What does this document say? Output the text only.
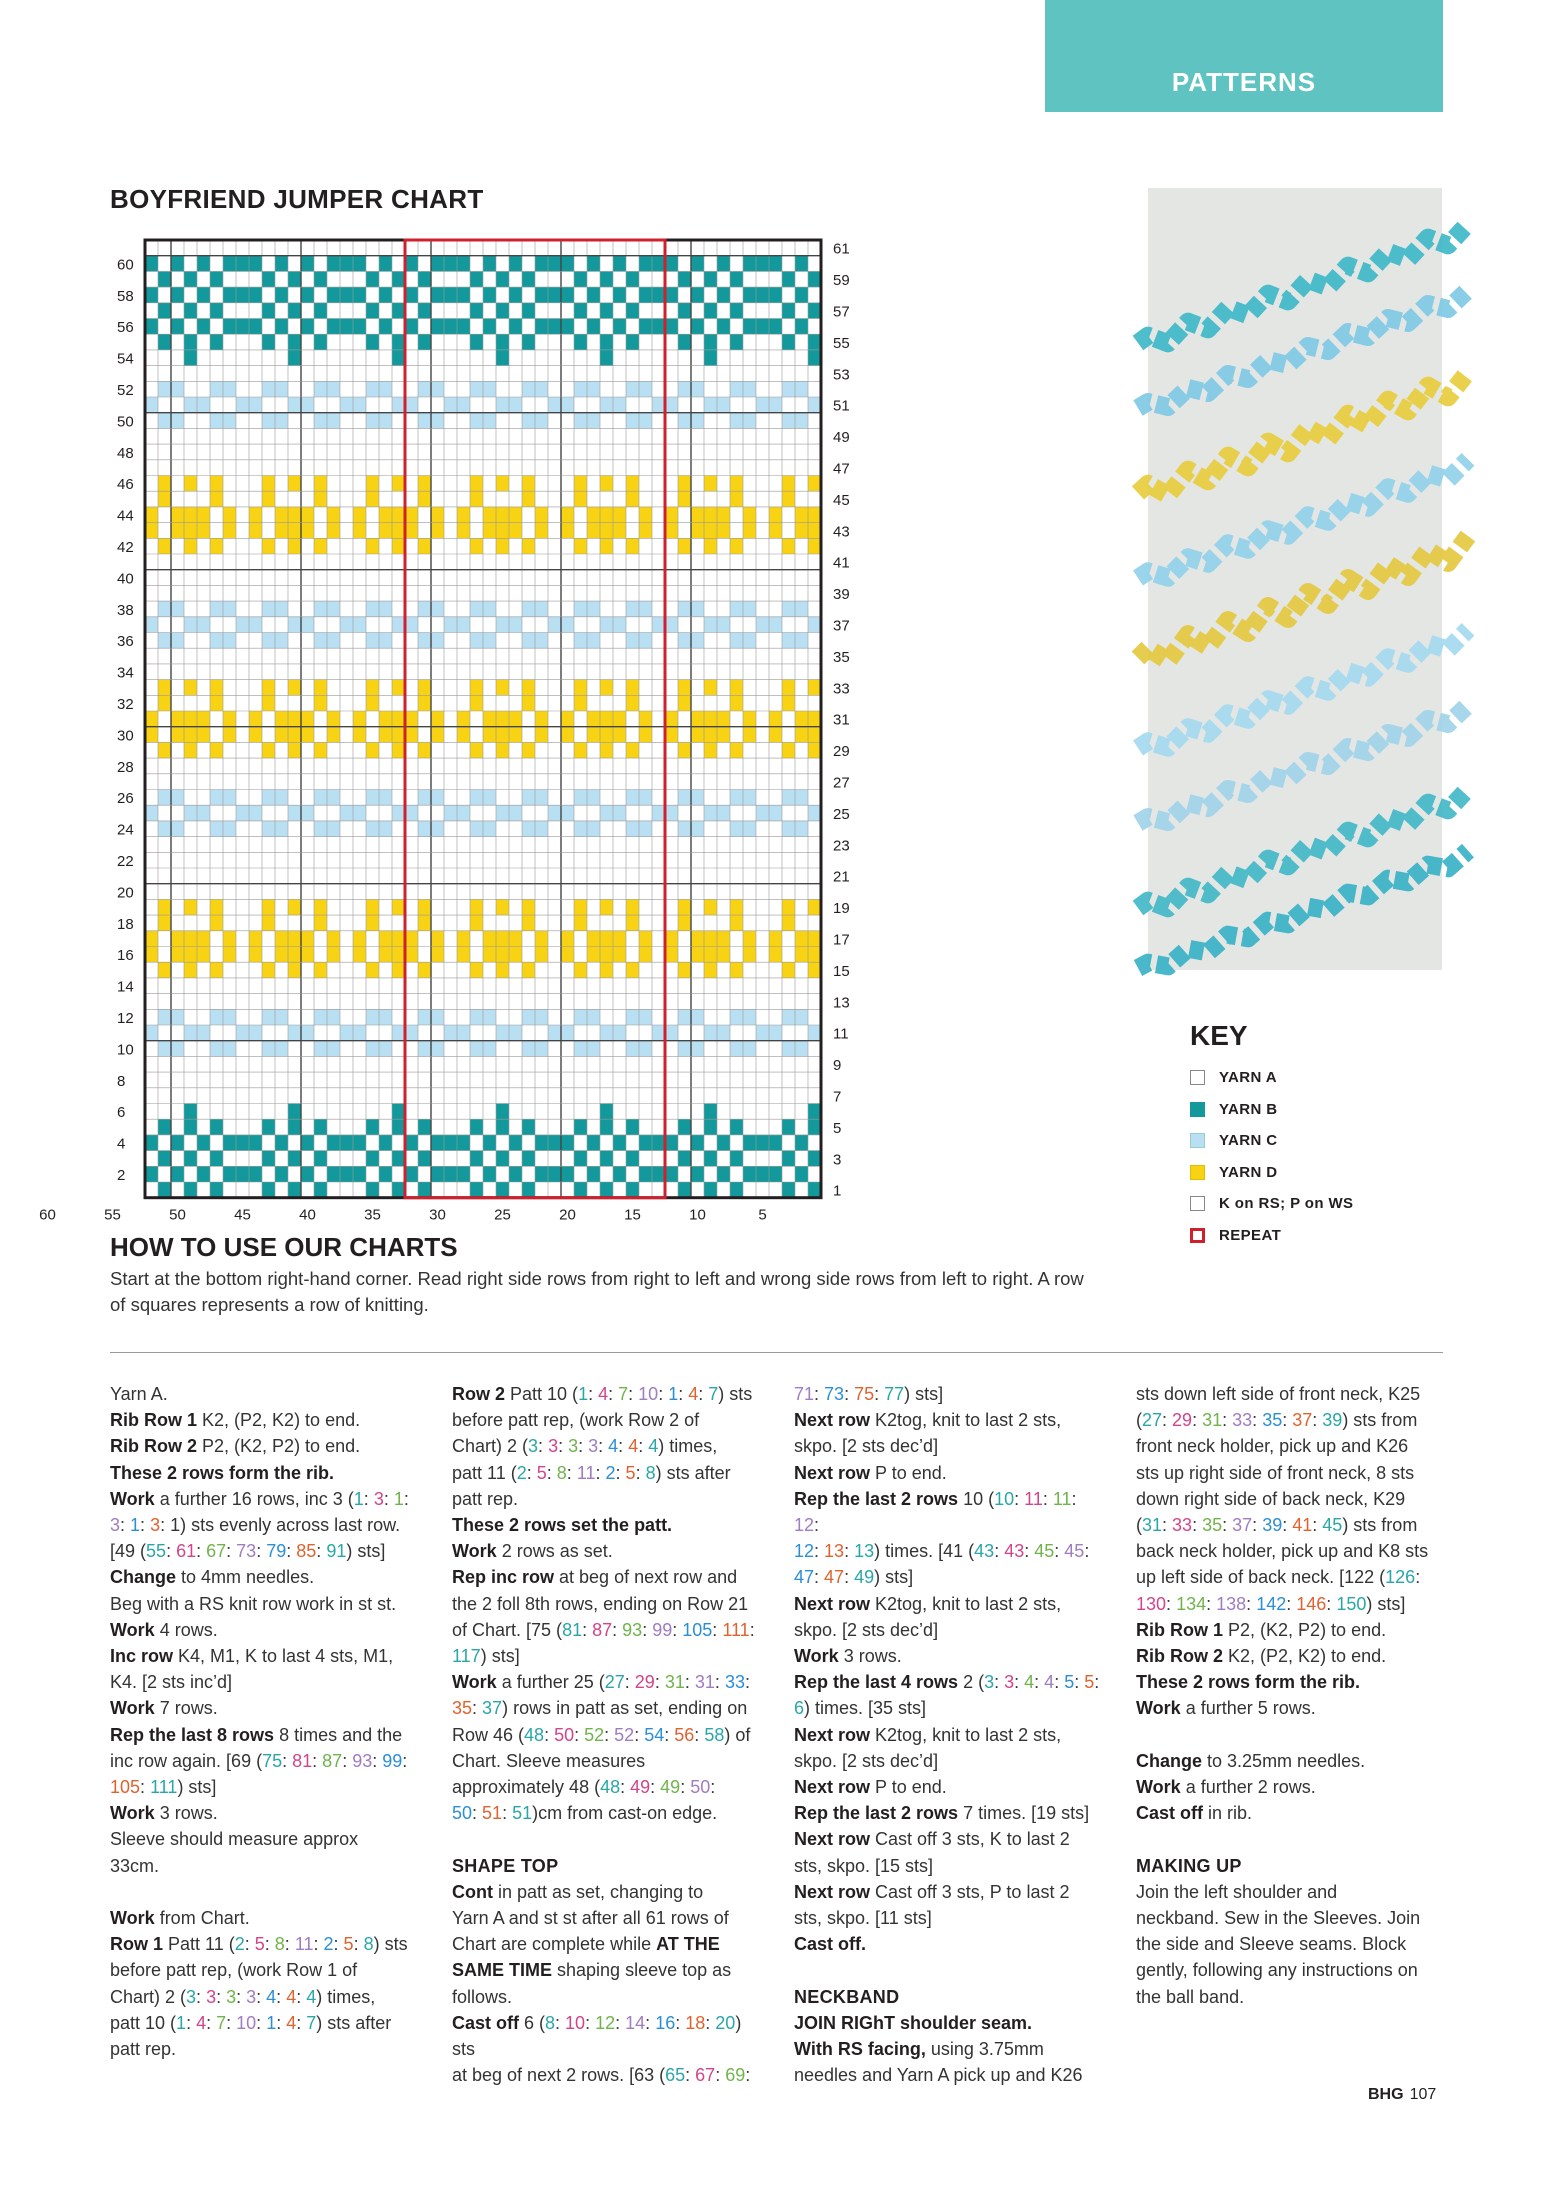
PATTERNS
BOYFRIEND JUMPER CHART
60
58
56
54
52
50
48
46
44
42
40
38
36
34
32
30
28
26
24
22
20
18
16
14
12
10
8
6
4
2
61
59
57
55
53
51
49
47
45
43
41
39
37
35
33
31
29
27
25
23
21
19
17
15
13
11
9
7
5
3
1
60	55	50	45	40	35	30	25	20	15	10	5
KEY
YARN A
YARN B
YARN C
YARN D
K on RS; P on WS
REPEAT
HOW TO USE OUR CHARTS
Start at the bottom right-hand corner. Read right side rows from right to left and wrong side rows from left to right. A row of squares represents a row of knitting.
Yarn A.
Rib Row 1 K2, (P2, K2) to end.
Rib Row 2 P2, (K2, P2) to end.
These 2 rows form the rib.
Work a further 16 rows, inc 3 (1: 3: 1:
3: 1: 3: 1) sts evenly across last row.
[49 (55: 61: 67: 73: 79: 85: 91) sts]
Change to 4mm needles.
Beg with a RS knit row work in st st.
Work 4 rows.
Inc row K4, M1, K to last 4 sts, M1,
K4. [2 sts inc’d]
Work 7 rows.
Rep the last 8 rows 8 times and the
inc row again. [69 (75: 81: 87: 93: 99:
105: 111) sts]
Work 3 rows.
Sleeve should measure approx
33cm.

Work from Chart.
Row 1 Patt 11 (2: 5: 8: 11: 2: 5: 8) sts
before patt rep, (work Row 1 of
Chart) 2 (3: 3: 3: 3: 4: 4: 4) times,
patt 10 (1: 4: 7: 10: 1: 4: 7) sts after
patt rep.
Row 2 Patt 10 (1: 4: 7: 10: 1: 4: 7) sts
before patt rep, (work Row 2 of
Chart) 2 (3: 3: 3: 3: 4: 4: 4) times,
patt 11 (2: 5: 8: 11: 2: 5: 8) sts after
patt rep.
These 2 rows set the patt.
Work 2 rows as set.
Rep inc row at beg of next row and
the 2 foll 8th rows, ending on Row 21
of Chart. [75 (81: 87: 93: 99: 105: 111:
117) sts]
Work a further 25 (27: 29: 31: 31: 33:
35: 37) rows in patt as set, ending on
Row 46 (48: 50: 52: 52: 54: 56: 58) of
Chart. Sleeve measures
approximately 48 (48: 49: 49: 50:
50: 51: 51)cm from cast-on edge.

SHAPE TOP
Cont in patt as set, changing to
Yarn A and st st after all 61 rows of
Chart are complete while AT THE
SAME TIME shaping sleeve top as
follows.
Cast off 6 (8: 10: 12: 14: 16: 18: 20) sts
at beg of next 2 rows. [63 (65: 67: 69:
71: 73: 75: 77) sts]
Next row K2tog, knit to last 2 sts,
skpo. [2 sts dec’d]
Next row P to end.
Rep the last 2 rows 10 (10: 11: 11: 12:
12: 13: 13) times. [41 (43: 43: 45: 45:
47: 47: 49) sts]
Next row K2tog, knit to last 2 sts,
skpo. [2 sts dec’d]
Work 3 rows.
Rep the last 4 rows 2 (3: 3: 4: 4: 5: 5:
6) times. [35 sts]
Next row K2tog, knit to last 2 sts,
skpo. [2 sts dec’d]
Next row P to end.
Rep the last 2 rows 7 times. [19 sts]
Next row Cast off 3 sts, K to last 2
sts, skpo. [15 sts]
Next row Cast off 3 sts, P to last 2
sts, skpo. [11 sts]
Cast off.

NECKBAND
JOIN RIGhT shoulder seam.
With RS facing, using 3.75mm
needles and Yarn A pick up and K26
sts down left side of front neck, K25
(27: 29: 31: 33: 35: 37: 39) sts from
front neck holder, pick up and K26
sts up right side of front neck, 8 sts
down right side of back neck, K29
(31: 33: 35: 37: 39: 41: 45) sts from
back neck holder, pick up and K8 sts
up left side of back neck. [122 (126:
130: 134: 138: 142: 146: 150) sts]
Rib Row 1 P2, (K2, P2) to end.
Rib Row 2 K2, (P2, K2) to end.
These 2 rows form the rib.
Work a further 5 rows.

Change to 3.25mm needles.
Work a further 2 rows.
Cast off in rib.

MAKING UP
Join the left shoulder and
neckband. Sew in the Sleeves. Join
the side and Sleeve seams. Block
gently, following any instructions on
the ball band.
BHG 107
